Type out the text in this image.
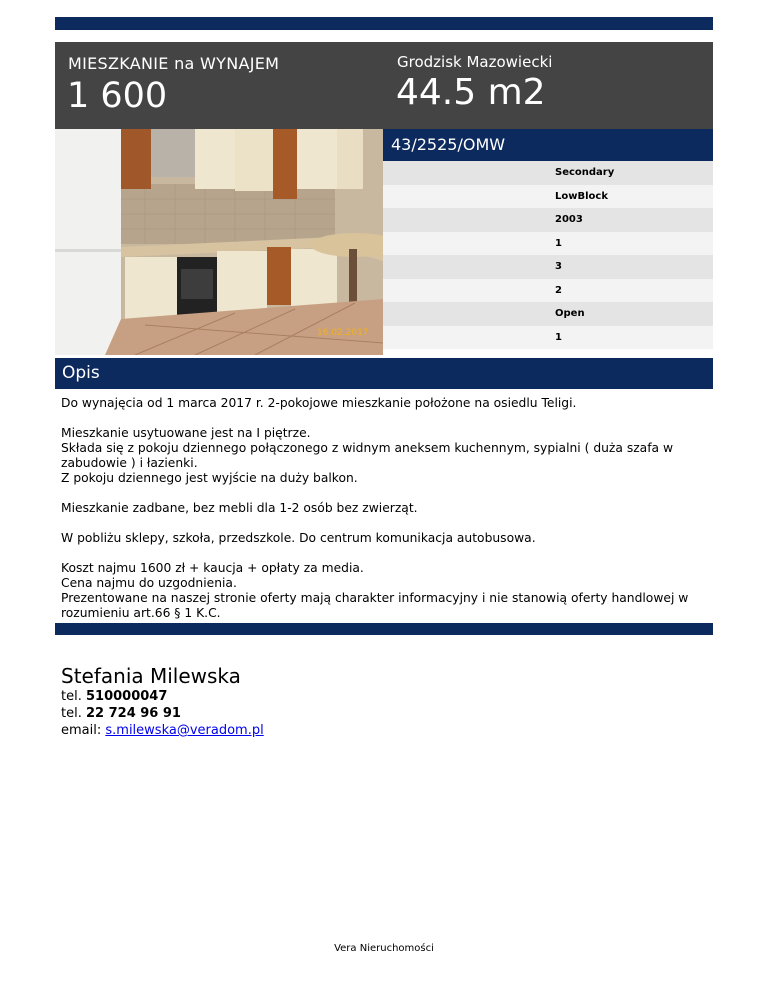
MIESZKANIE na WYNAJEM
1 600
Grodzisk Mazowiecki
44.5 m2
16.02.2017
43/2525/OMW
Secondary
LowBlock
2003
1
3
2
Open
1
Opis

Do wynajęcia od 1 marca 2017 r. 2-pokojowe mieszkanie położone na osiedlu Teligi.

Mieszkanie usytuowane jest na I piętrze.
Składa się z pokoju dziennego połączonego z widnym aneksem kuchennym, sypialni ( duża szafa w zabudowie ) i łazienki.
Z pokoju dziennego jest wyjście na duży balkon.

Mieszkanie zadbane, bez mebli dla 1-2 osób bez zwierząt.

W pobliżu sklepy, szkoła, przedszkole. Do centrum komunikacja autobusowa.

Koszt najmu 1600 zł + kaucja + opłaty za media.
Cena najmu do uzgodnienia.
Prezentowane na naszej stronie oferty mają charakter informacyjny i nie stanowią oferty handlowej w rozumieniu art.66 § 1 K.C.

Stefania Milewska
tel. 510000047
tel. 22 724 96 91
email: s.milewska@veradom.pl
Vera Nieruchomości
